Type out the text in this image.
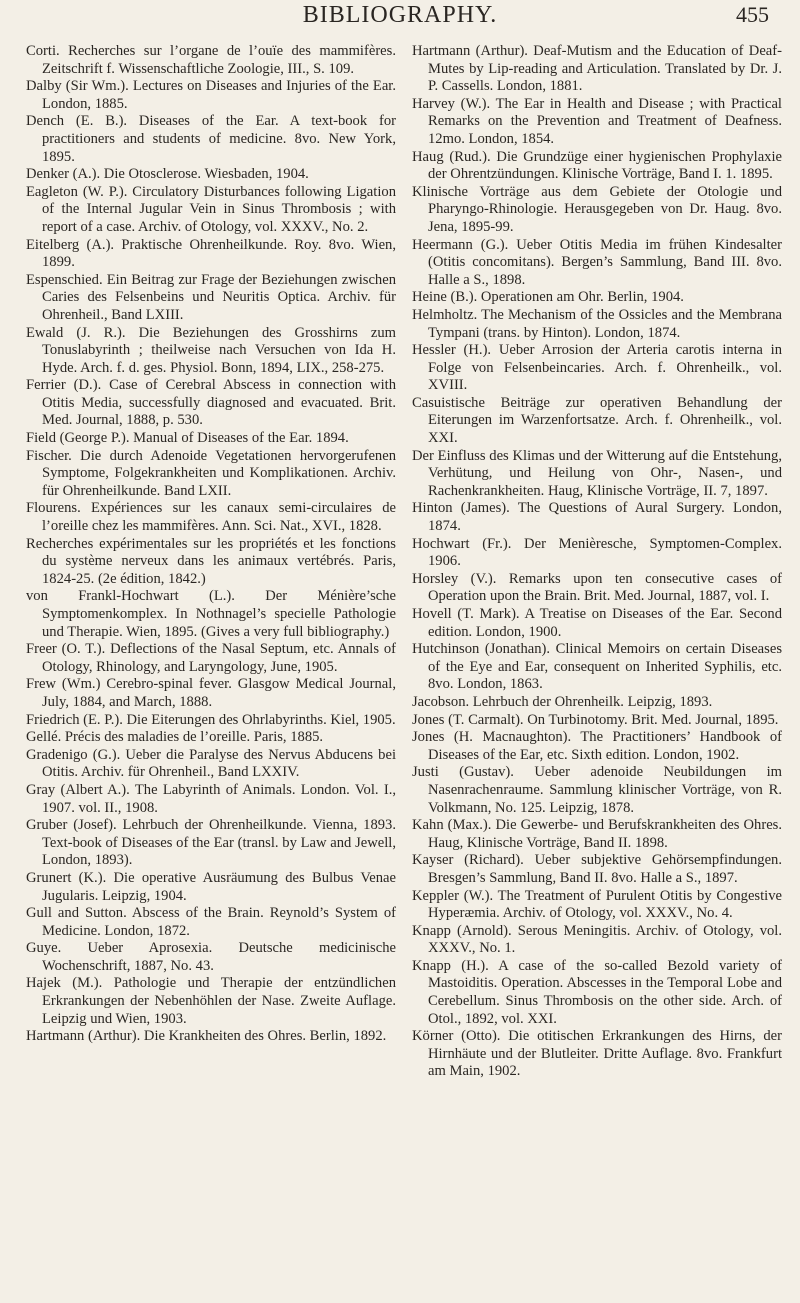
BIBLIOGRAPHY.	455

Corti. Recherches sur l’organe de l’ouïe des mammifères. Zeitschrift f. Wissenschaftliche Zoologie, III., S. 109.

Dalby (Sir Wm.). Lectures on Diseases and Injuries of the Ear. London, 1885.

Dench (E. B.). Diseases of the Ear. A text-book for practitioners and students of medicine. 8vo. New York, 1895.

Denker (A.). Die Otosclerose. Wiesbaden, 1904.

Eagleton (W. P.). Circulatory Disturbances following Ligation of the Internal Jugular Vein in Sinus Thrombosis ; with report of a case. Archiv. of Otology, vol. XXXV., No. 2.

Eitelberg (A.). Praktische Ohrenheilkunde. Roy. 8vo. Wien, 1899.

Espenschied. Ein Beitrag zur Frage der Beziehungen zwischen Caries des Felsenbeins und Neuritis Optica. Archiv. für Ohrenheil., Band LXIII.

Ewald (J. R.). Die Beziehungen des Grosshirns zum Tonuslabyrinth ; theilweise nach Versuchen von Ida H. Hyde. Arch. f. d. ges. Physiol. Bonn, 1894, LIX., 258-275.

Ferrier (D.). Case of Cerebral Abscess in connection with Otitis Media, successfully diagnosed and evacuated. Brit. Med. Journal, 1888, p. 530.

Field (George P.). Manual of Diseases of the Ear. 1894.

Fischer. Die durch Adenoide Vegetationen hervorgerufenen Symptome, Folgekrankheiten und Komplikationen. Archiv. für Ohrenheilkunde. Band LXII.

Flourens. Expériences sur les canaux semi-circulaires de l’oreille chez les mammifères. Ann. Sci. Nat., XVI., 1828.

Recherches expérimentales sur les propriétés et les fonctions du système nerveux dans les animaux vertébrés. Paris, 1824-25. (2e édition, 1842.)

von Frankl-Hochwart (L.). Der Ménière’sche Symptomenkomplex. In Nothnagel’s specielle Pathologie und Therapie. Wien, 1895. (Gives a very full bibliography.)

Freer (O. T.). Deflections of the Nasal Septum, etc. Annals of Otology, Rhinology, and Laryngology, June, 1905.

Frew (Wm.) Cerebro-spinal fever. Glasgow Medical Journal, July, 1884, and March, 1888.

Friedrich (E. P.). Die Eiterungen des Ohrlabyrinths. Kiel, 1905.

Gellé. Précis des maladies de l’oreille. Paris, 1885.

Gradenigo (G.). Ueber die Paralyse des Nervus Abducens bei Otitis. Archiv. für Ohrenheil., Band LXXIV.

Gray (Albert A.). The Labyrinth of Animals. London. Vol. I., 1907. vol. II., 1908.

Gruber (Josef). Lehrbuch der Ohrenheilkunde. Vienna, 1893. Text-book of Diseases of the Ear (transl. by Law and Jewell, London, 1893).

Grunert (K.). Die operative Ausräumung des Bulbus Venae Jugularis. Leipzig, 1904.

Gull and Sutton. Abscess of the Brain. Reynold’s System of Medicine. London, 1872.

Guye. Ueber Aprosexia. Deutsche medicinische Wochenschrift, 1887, No. 43.

Hajek (M.). Pathologie und Therapie der entzündlichen Erkrankungen der Nebenhöhlen der Nase. Zweite Auflage. Leipzig und Wien, 1903.

Hartmann (Arthur). Die Krankheiten des Ohres. Berlin, 1892.

Hartmann (Arthur). Deaf-Mutism and the Education of Deaf-Mutes by Lip-reading and Articulation. Translated by Dr. J. P. Cassells. London, 1881.

Harvey (W.). The Ear in Health and Disease ; with Practical Remarks on the Prevention and Treatment of Deafness. 12mo. London, 1854.

Haug (Rud.). Die Grundzüge einer hygienischen Prophylaxie der Ohrentzündungen. Klinische Vorträge, Band I. 1. 1895.

Klinische Vorträge aus dem Gebiete der Otologie und Pharyngo-Rhinologie. Herausgegeben von Dr. Haug. 8vo. Jena, 1895-99.

Heermann (G.). Ueber Otitis Media im frühen Kindesalter (Otitis concomitans). Bergen’s Sammlung, Band III. 8vo. Halle a S., 1898.

Heine (B.). Operationen am Ohr. Berlin, 1904.

Helmholtz. The Mechanism of the Ossicles and the Membrana Tympani (trans. by Hinton). London, 1874.

Hessler (H.). Ueber Arrosion der Arteria carotis interna in Folge von Felsenbeincaries. Arch. f. Ohrenheilk., vol. XVIII.

Casuistische Beiträge zur operativen Behandlung der Eiterungen im Warzenfortsatze. Arch. f. Ohrenheilk., vol. XXI.

Der Einfluss des Klimas und der Witterung auf die Entstehung, Verhütung, und Heilung von Ohr-, Nasen-, und Rachenkrankheiten. Haug, Klinische Vorträge, II. 7, 1897.

Hinton (James). The Questions of Aural Surgery. London, 1874.

Hochwart (Fr.). Der Menièresche, Symptomen-Complex. 1906.

Horsley (V.). Remarks upon ten consecutive cases of Operation upon the Brain. Brit. Med. Journal, 1887, vol. I.

Hovell (T. Mark). A Treatise on Diseases of the Ear. Second edition. London, 1900.

Hutchinson (Jonathan). Clinical Memoirs on certain Diseases of the Eye and Ear, consequent on Inherited Syphilis, etc. 8vo. London, 1863.

Jacobson. Lehrbuch der Ohrenheilk. Leipzig, 1893.

Jones (T. Carmalt). On Turbinotomy. Brit. Med. Journal, 1895.

Jones (H. Macnaughton). The Practitioners’ Handbook of Diseases of the Ear, etc. Sixth edition. London, 1902.

Justi (Gustav). Ueber adenoide Neubildungen im Nasenrachenraume. Sammlung klinischer Vorträge, von R. Volkmann, No. 125. Leipzig, 1878.

Kahn (Max.). Die Gewerbe- und Berufskrankheiten des Ohres. Haug, Klinische Vorträge, Band II. 1898.

Kayser (Richard). Ueber subjektive Gehörsempfindungen. Bresgen’s Sammlung, Band II. 8vo. Halle a S., 1897.

Keppler (W.). The Treatment of Purulent Otitis by Congestive Hyperæmia. Archiv. of Otology, vol. XXXV., No. 4.

Knapp (Arnold). Serous Meningitis. Archiv. of Otology, vol. XXXV., No. 1.

Knapp (H.). A case of the so-called Bezold variety of Mastoiditis. Operation. Abscesses in the Temporal Lobe and Cerebellum. Sinus Thrombosis on the other side. Arch. of Otol., 1892, vol. XXI.

Körner (Otto). Die otitischen Erkrankungen des Hirns, der Hirnhäute und der Blutleiter. Dritte Auflage. 8vo. Frankfurt am Main, 1902.
